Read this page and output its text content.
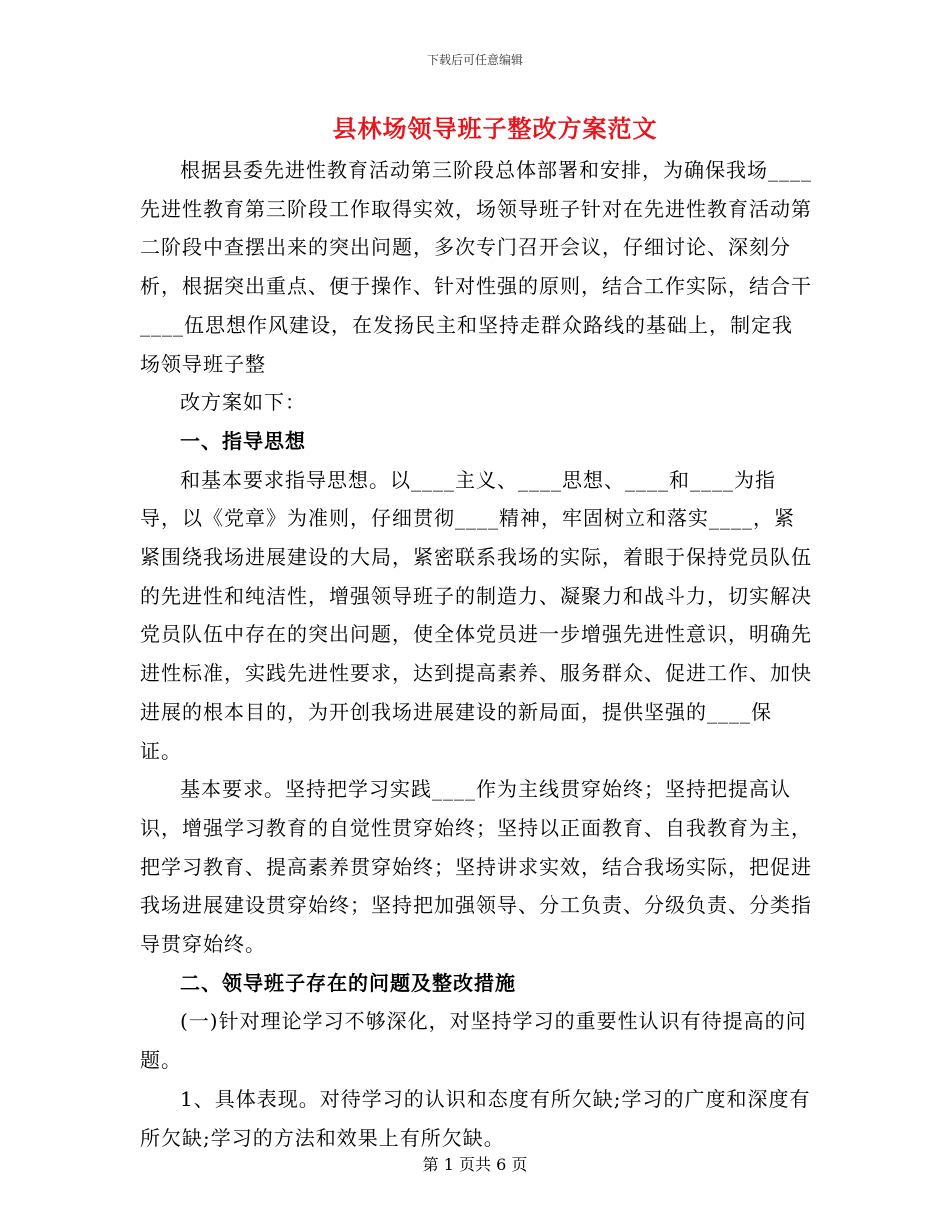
下载后可任意编辑
县林场领导班子整改方案范文

根据县委先进性教育活动第三阶段总体部署和安排，为确保我场____先进性教育第三阶段工作取得实效，场领导班子针对在先进性教育活动第二阶段中查摆出来的突出问题，多次专门召开会议，仔细讨论、深刻分析，根据突出重点、便于操作、针对性强的原则，结合工作实际，结合干____伍思想作风建设，在发扬民主和坚持走群众路线的基础上，制定我场领导班子整

改方案如下：

一、指导思想

和基本要求指导思想。以____主义、____思想、____和____为指导，以《党章》为准则，仔细贯彻____精神，牢固树立和落实____，紧紧围绕我场进展建设的大局，紧密联系我场的实际，着眼于保持党员队伍的先进性和纯洁性，增强领导班子的制造力、凝聚力和战斗力，切实解决党员队伍中存在的突出问题，使全体党员进一步增强先进性意识，明确先进性标准，实践先进性要求，达到提高素养、服务群众、促进工作、加快进展的根本目的，为开创我场进展建设的新局面，提供坚强的____保证。

基本要求。坚持把学习实践____作为主线贯穿始终；坚持把提高认识，增强学习教育的自觉性贯穿始终；坚持以正面教育、自我教育为主，把学习教育、提高素养贯穿始终；坚持讲求实效，结合我场实际，把促进我场进展建设贯穿始终；坚持把加强领导、分工负责、分级负责、分类指导贯穿始终。

二、领导班子存在的问题及整改措施

(一)针对理论学习不够深化，对坚持学习的重要性认识有待提高的问题。

1、具体表现。对待学习的认识和态度有所欠缺;学习的广度和深度有所欠缺;学习的方法和效果上有所欠缺。

第 1 页共 6 页
